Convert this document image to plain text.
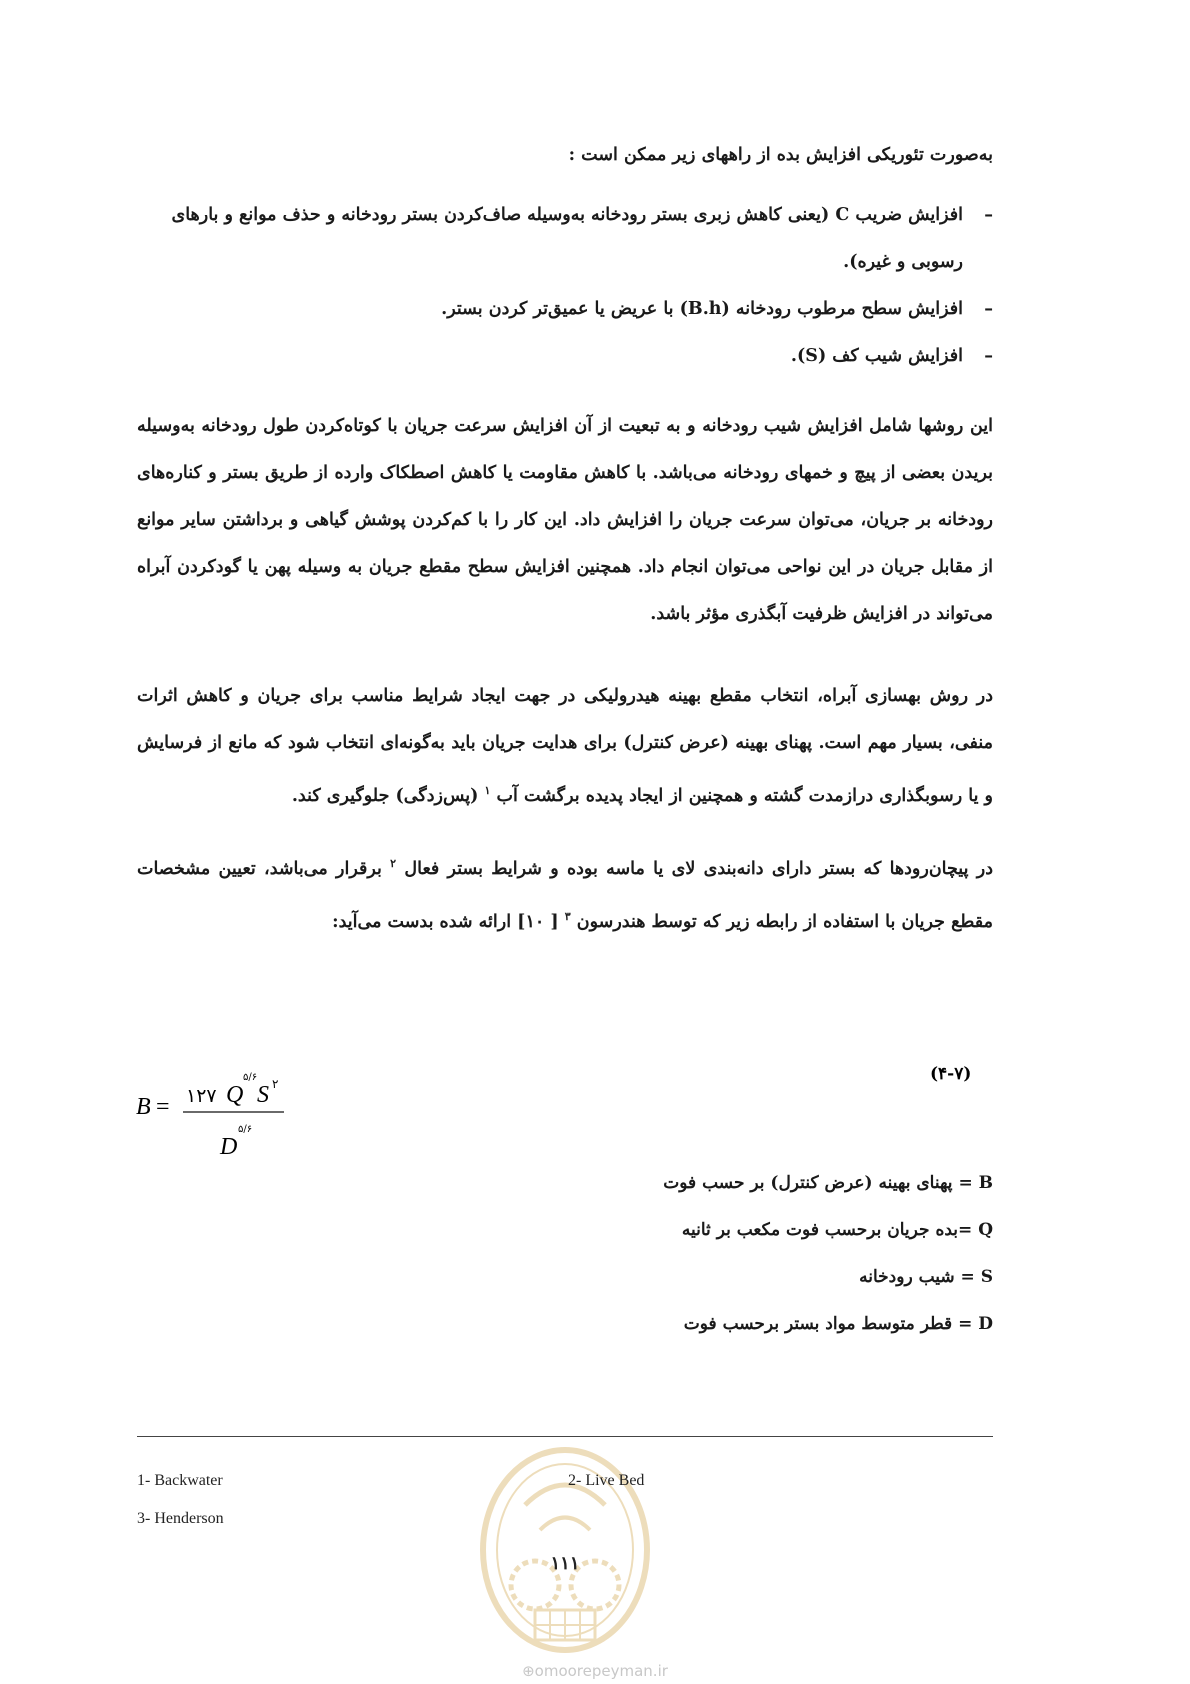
به‌صورت تئوریکی افزایش بده از راههای زیر ممکن است :
–
افزایش ضریب C (یعنی کاهش زبری بستر رودخانه به‌وسیله صاف‌کردن بستر رودخانه و حذف موانع و بارهای رسوبی و غیره).
–
افزایش سطح مرطوب رودخانه (B.h) با عریض یا عمیق‌تر کردن بستر.
–
افزایش شیب کف (S).

این روشها شامل افزایش شیب رودخانه و به تبعیت از آن افزایش سرعت جریان با کوتاه‌کردن طول رودخانه به‌وسیله بریدن بعضی از پیچ و خمهای رودخانه می‌باشد. با کاهش مقاومت یا کاهش اصطکاک وارده از طریق بستر و کناره‌های رودخانه بر جریان، می‌توان سرعت جریان را افزایش داد. این کار را با کم‌کردن پوشش گیاهی و برداشتن سایر موانع از مقابل جریان در این نواحی می‌توان انجام داد. همچنین افزایش سطح مقطع جریان به وسیله پهن یا گودکردن آبراه می‌تواند در افزایش ظرفیت آبگذری مؤثر باشد.

در روش بهسازی آبراه، انتخاب مقطع بهینه هیدرولیکی در جهت ایجاد شرایط مناسب برای جریان و کاهش اثرات منفی، بسیار مهم است. پهنای بهینه (عرض کنترل) برای هدایت جریان باید به‌گونه‌ای انتخاب شود که مانع از فرسایش و یا رسوبگذاری درازمدت گشته و همچنین از ایجاد پدیده برگشت آب $^۱$ (پس‌زدگی) جلوگیری کند.

در پیچان‌رودها که بستر دارای دانه‌بندی لای یا ماسه بوده و شرایط بستر فعال $^۲$ برقرار می‌باشد، تعیین مشخصات مقطع جریان با استفاده از رابطه زیر که توسط هندرسون $^۳$ [ ۱۰] ارائه شده بدست می‌آید:

(۴-۷)
B = ۱۲۷ Q
۵/۶
S ۲
D
۵/۶
B = پهنای بهینه (عرض کنترل) بر حسب فوت
Q =بده جریان برحسب فوت مکعب بر ثانیه
S = شیب رودخانه
D = قطر متوسط مواد بستر برحسب فوت
1- Backwater	2- Live Bed
3- Henderson
۱۱۱
⊕omoorepeyman.ir
